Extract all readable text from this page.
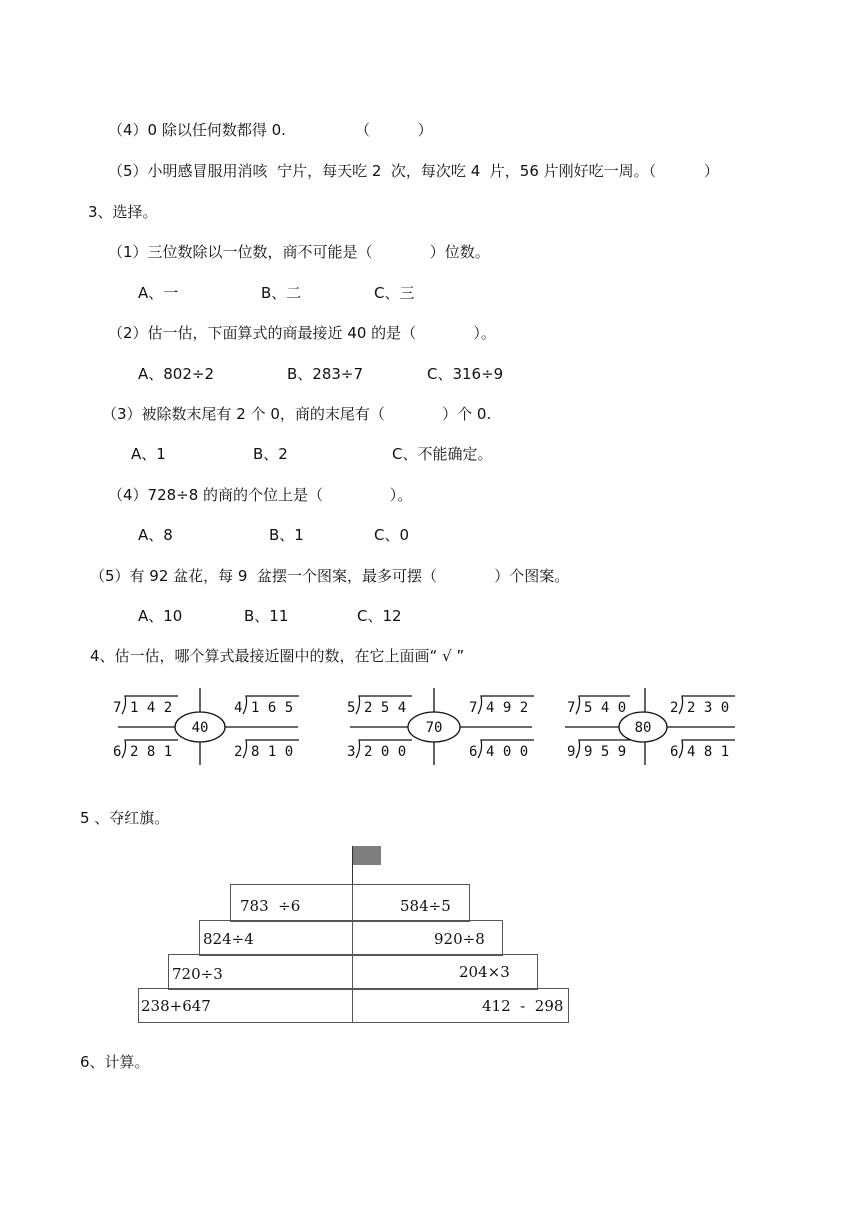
（4）0 除以任何数都得 0.	（          ）
（5）小明感冒服用消咳  宁片，每天吃 2  次，每次吃 4  片，56 片刚好吃一周。（          ）
3、选择。
（1）三位数除以一位数，商不可能是（            ）位数。
A、一	B、二	C、三
（2）估一估，下面算式的商最接近 40 的是（            ）。
A、802÷2	B、283÷7	C、316÷9
（3）被除数末尾有 2 个 0，商的末尾有（            ）个 0.
A、1	B、2	C、不能确定。
（4）728÷8 的商的个位上是（              ）。
A、8	B、1	C、0
（5）有 92 盆花，每 9  盆摆一个图案，最多可摆（            ）个图案。
A、10	B、11	C、12
4、估一估，哪个算式最接近圈中的数，在它上面画“ √ ”
40
7 1 4 2	4 1 6 5
6 2 8 1	2 8 1 0
70
5 2 5 4	7 4 9 2
3 2 0 0	6 4 0 0
80
7 5 4 0	2 2 3 0
9 9 5 9	6 4 8 1
5 、夺红旗。
783  ÷6	584÷5
824÷4	920÷8
720÷3	204×3
238+647	412  -  298
6、计算。
